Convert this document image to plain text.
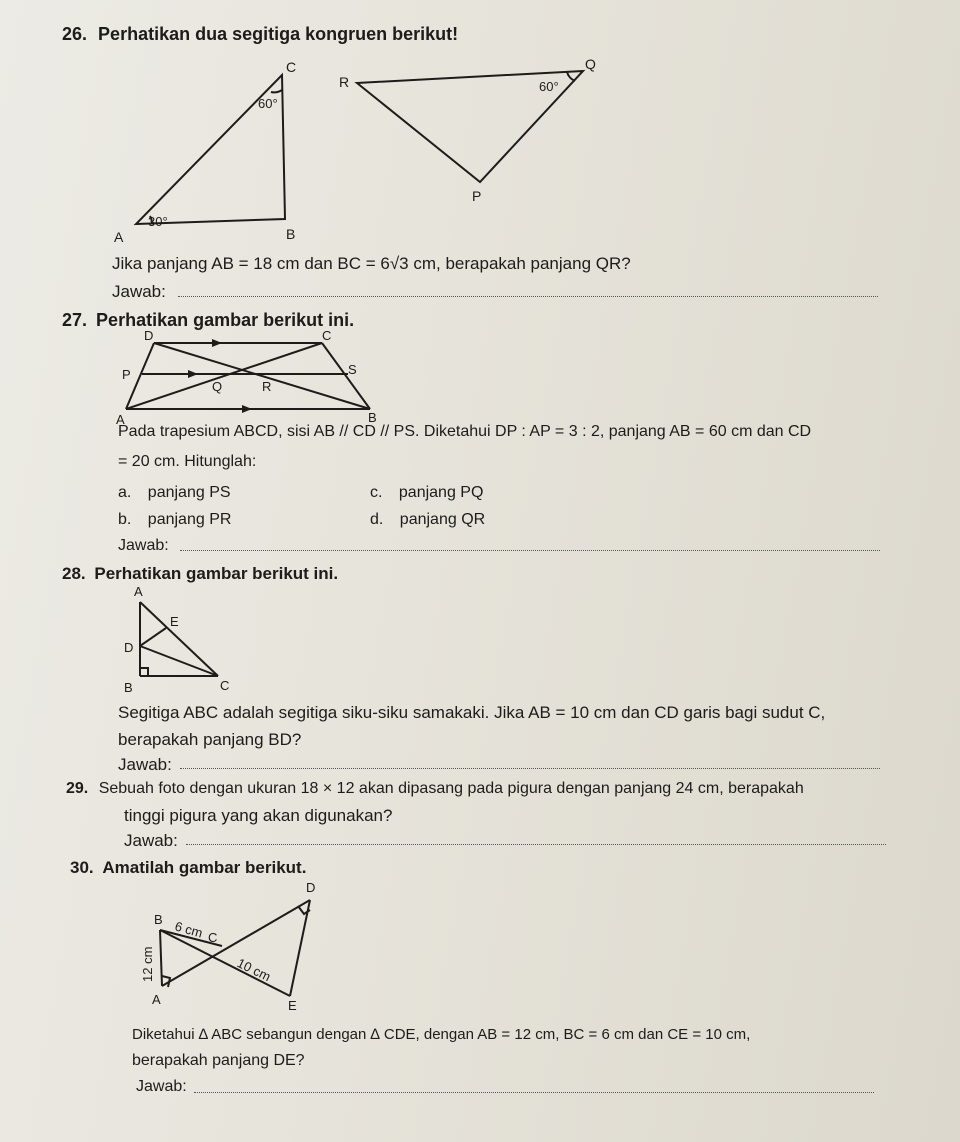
26. Perhatikan dua segitiga kongruen berikut!
C
A	B
60°
30°
R
Q
P
60°
Jika panjang AB = 18 cm dan BC = 6√3 cm, berapakah panjang QR?
Jawab:
27. Perhatikan gambar berikut ini.
D	C
P	S
Q	R
A	B
Pada trapesium ABCD, sisi AB // CD // PS. Diketahui DP : AP = 3 : 2, panjang AB = 60 cm dan CD
= 20 cm. Hitunglah:
a. panjang PS	c. panjang PQ
b. panjang PR	d. panjang QR
Jawab:
28. Perhatikan gambar berikut ini.
A
E
D
B	C
Segitiga ABC adalah segitiga siku-siku samakaki. Jika AB = 10 cm dan CD garis bagi sudut C,
berapakah panjang BD?
Jawab:
29. Sebuah foto dengan ukuran 18 × 12 akan dipasang pada pigura dengan panjang 24 cm, berapakah
tinggi pigura yang akan digunakan?
Jawab:
30. Amatilah gambar berikut.
D
B
C
A	E
6 cm
12 cm	10 cm
Diketahui ∆ ABC sebangun dengan ∆ CDE, dengan AB = 12 cm, BC = 6 cm dan CE = 10 cm,
berapakah panjang DE?
Jawab:
